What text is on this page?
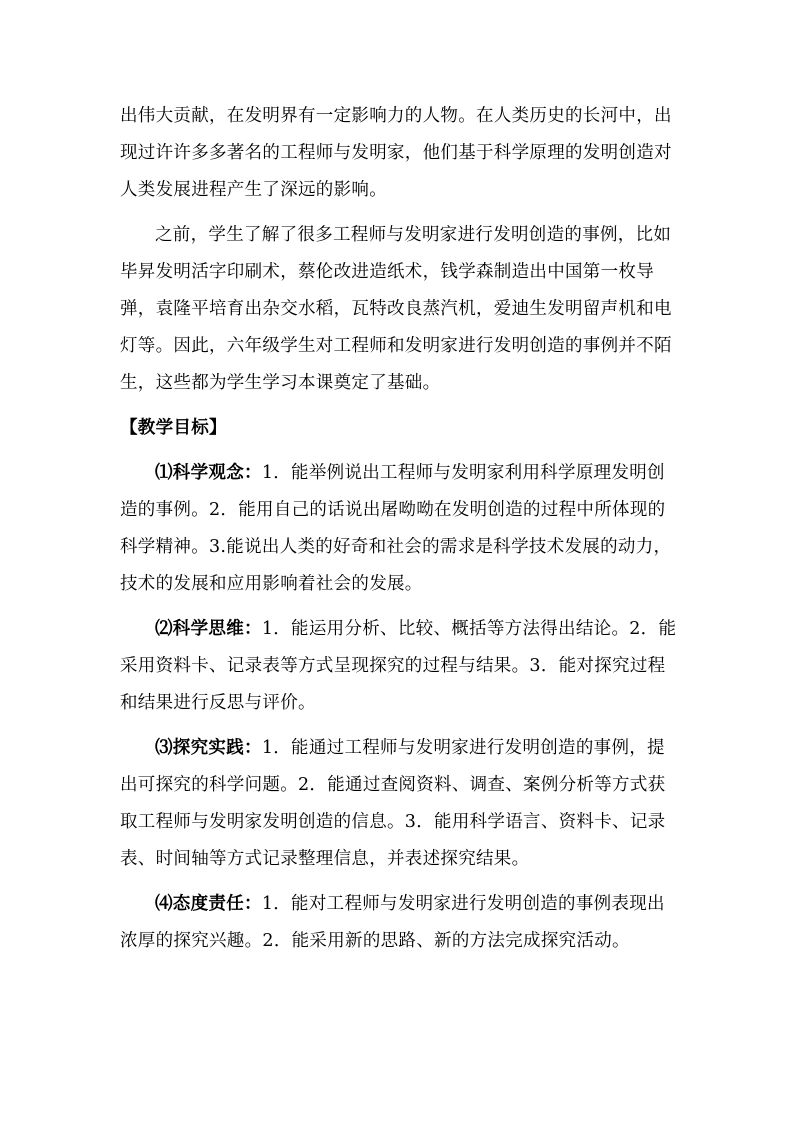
出伟大贡献，在发明界有一定影响力的人物。在人类历史的长河中，出现过许许多多著名的工程师与发明家，他们基于科学原理的发明创造对人类发展进程产生了深远的影响。

之前，学生了解了很多工程师与发明家进行发明创造的事例，比如毕昇发明活字印刷术，蔡伦改进造纸术，钱学森制造出中国第一枚导弹，袁隆平培育出杂交水稻，瓦特改良蒸汽机，爱迪生发明留声机和电灯等。因此，六年级学生对工程师和发明家进行发明创造的事例并不陌生，这些都为学生学习本课奠定了基础。

【教学目标】

⑴科学观念：1．能举例说出工程师与发明家利用科学原理发明创造的事例。2．能用自己的话说出屠呦呦在发明创造的过程中所体现的科学精神。3.能说出人类的好奇和社会的需求是科学技术发展的动力，技术的发展和应用影响着社会的发展。

⑵科学思维：1．能运用分析、比较、概括等方法得出结论。2．能采用资料卡、记录表等方式呈现探究的过程与结果。3．能对探究过程和结果进行反思与评价。

⑶探究实践：1．能通过工程师与发明家进行发明创造的事例，提出可探究的科学问题。2．能通过查阅资料、调查、案例分析等方式获取工程师与发明家发明创造的信息。3．能用科学语言、资料卡、记录表、时间轴等方式记录整理信息，并表述探究结果。

⑷态度责任：1．能对工程师与发明家进行发明创造的事例表现出浓厚的探究兴趣。2．能采用新的思路、新的方法完成探究活动。
